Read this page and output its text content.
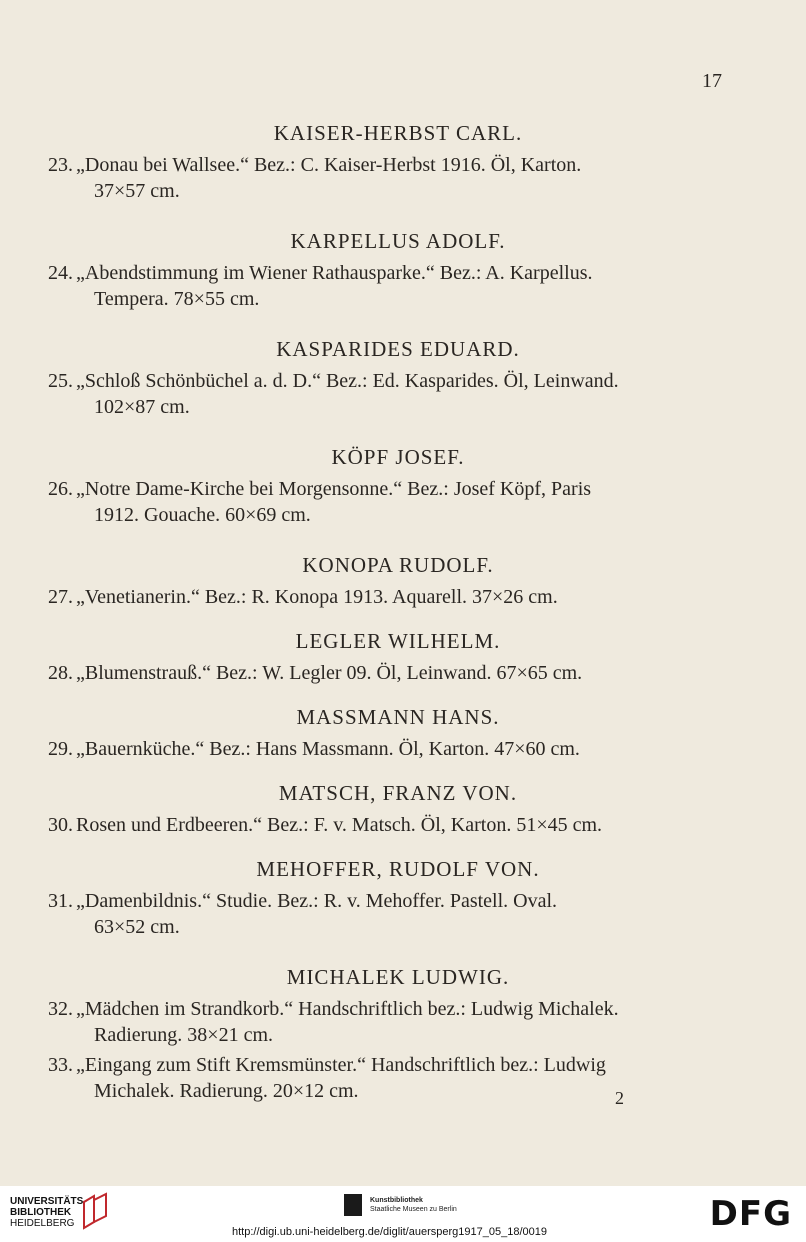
17
KAISER-HERBST CARL.
23. „Donau bei Wallsee.“ Bez.: C. Kaiser-Herbst 1916. Öl, Karton.
37×57 cm.
KARPELLUS ADOLF.
24. „Abendstimmung im Wiener Rathausparke.“ Bez.: A. Karpellus.
Tempera. 78×55 cm.
KASPARIDES EDUARD.
25. „Schloß Schönbüchel a. d. D.“ Bez.: Ed. Kasparides. Öl, Leinwand.
102×87 cm.
KÖPF JOSEF.
26. „Notre Dame-Kirche bei Morgensonne.“ Bez.: Josef Köpf, Paris
1912. Gouache. 60×69 cm.
KONOPA RUDOLF.
27. „Venetianerin.“ Bez.: R. Konopa 1913. Aquarell. 37×26 cm.
LEGLER WILHELM.
28. „Blumenstrauß.“ Bez.: W. Legler 09. Öl, Leinwand. 67×65 cm.
MASSMANN HANS.
29. „Bauernküche.“ Bez.: Hans Massmann. Öl, Karton. 47×60 cm.
MATSCH, FRANZ VON.
30. Rosen und Erdbeeren.“ Bez.: F. v. Matsch. Öl, Karton. 51×45 cm.
MEHOFFER, RUDOLF VON.
31. „Damenbildnis.“ Studie. Bez.: R. v. Mehoffer. Pastell. Oval.
63×52 cm.
MICHALEK LUDWIG.
32. „Mädchen im Strandkorb.“ Handschriftlich bez.: Ludwig Michalek.
Radierung. 38×21 cm.
33. „Eingang zum Stift Kremsmünster.“ Handschriftlich bez.: Ludwig
Michalek. Radierung. 20×12 cm.	2
UNIVERSITÄTS-
BIBLIOTHEK
HEIDELBERG
Kunstbibliothek
Staatliche Museen zu Berlin	DFG
http://digi.ub.uni-heidelberg.de/diglit/auersperg1917_05_18/0019
